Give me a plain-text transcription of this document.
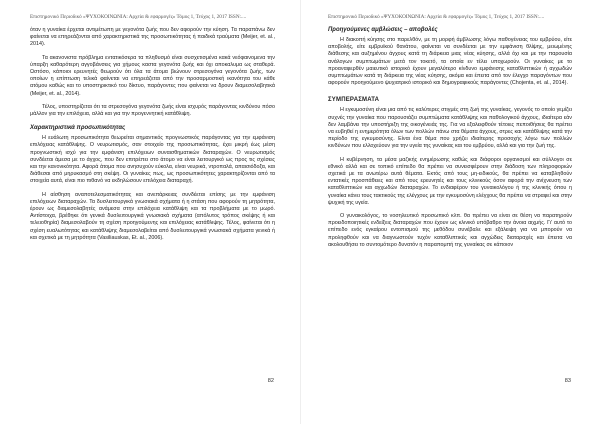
Επιστημονικό Περιοδικό «ΨΥΧΟΚΟΙΝΩΝΙΑ: Αρχεία & εφαρμογές» Τόμος 1, Τεύχος 1, 2017 ISSN:....

όταν η γυναίκα έρχεται αντιμέτωπη με γεγονότα ζωής που δεν αφορούν την κύηση. Τα παραπάνω δεν φαίνεται να επηρεάζονται από χαρακτηριστικά της προσωπικότητας ή παιδικά τραύματα (Meijer, et. al., 2014).

Τα ακανονιστα πρόβλημα εντατικόσερα τα πληθυσμό είναι συσχετισμένα κακά νεόφαινομενα την ύπαρξη καθαρότερη αγγοβάνσεις για χήμους καστα γεγονότα ζωής και όχι αποκαλυμα ως σταθερά. Ωστόσο, κάποιοι ερευνητές θεωρούν ότι όλα τα άτομα βιώνουν στρεσογόνα γεγονότα ζωής, των οποίων η επίπτωση τελικά φαίνεται να επηρεάζεται από την προσαρμοστική ικανότητα του κάθε ατόμου καθώς και το υποστηρικτικό του δίκτυο, παράγοντες που φαίνεται να δρουν διαμεσολαβητικά (Meijer, et. al., 2014).

Τέλος, υποστηρίζεται ότι τα στρεσογόνα γεγονότα ζωής είναι ισχυρός παράγοντας κινδύνου πόσο μάλλον για την επιλόχεια, αλλά και για την προγεννητική κατάθλιψη.

Χαρακτηριστικά προσωπικότητας

Η ευάλωτη προσωπικότητα θεωρείται σημαντικός προγνωστικός παράγοντας για την εμφάνιση επιλόχειας κατάθλιψης. Ο νευρωτισμός, σαν στοιχείο της προσωπικότητας, έχει μικρή έως μέση προγνωστική ισχύ για την εμφάνιση επιλόχειων συναισθηματικών διαταραχών. Ο νευρωτισμός συνδέεται άμεσα με το άγχος, που δεν επιτρέπει στο άτομο να είναι λειτουργικό ως προς τις σχέσεις και την κανονικότητα. Αφορά άτομα που ανησυχούν εύκολα, είναι νευρικά, ντροπαλά, απαισιόδοξα, και διάθεσαι από μηρυκασμό στη σκέψη. Οι γυναίκες πως, ως προσωπικότητες χαρακτηρίζονται από τα στοιχεία αυτά, είναι πιο πιθανό να εκδηλώσουν επιλόχεια διαταραχή.

Η αίσθηση αναποτελεσματικότητας και ανεπάρκειας συνδέεται επίσης με την εμφάνιση επιλόχειων διαταραχών. Τα δυσλειτουργικά γνωσιακά σχήματα ή η στάση που αφορούν τη μητρότητα, έρουν ως διαμεσολαβητές ανάμεσα στην επιλόχεια κατάθλιψη και τα προβλήματα με το μωρό. Αντίστοιχα, βρέθηκε ότι γενικά δυσλειτουργικά γνωσιακά σχήματα (απόλυτος τρόπος σκέψης ή και τελειοθηρία) διαμεσολαβούν τη σχέση προηγούμενης και επιλόχειας κατάθλιψης. Τέλος, φαίνεται ότι η σχέση ευαλωτότητας και κατάθλιψης διαμεσολαβείται από δυσλειτουργικά γνωσιακά σχήματα γενικά ή και σχετικά με τη μητρότητα (Vasiliauskas, Et. al., 2006).

82
Επιστημονικό Περιοδικό «ΨΥΧΟΚΟΙΝΩΝΙΑ: Αρχεία & εφαρμογές» Τόμος 1, Τεύχος 1, 2017 ISSN:....
Προηγούμενες αμβλώσεις – αποβολές

Η διακοπή κύησης στο παρελθόν, με τη μορφή άμβλωσης λόγω παθογένειας του εμβρύου, είτε αποβολής, είτε εμβρυϊκού θανάτου, φαίνεται να συνδέεται με την εμφάνιση θλίψης, μειωμένης διάθεσης και αυξημένου άγχους κατά τη διάρκεια μιας νέας κύησης, αλλά όχι και με την παρουσία ανάλογων συμπτωμάτων μετά τον τοκετό, τα οποία εν τέλει υποχωρούν. Οι γυναίκες με το προαναφερθέν μαιευτικό ιστορικό έχουν μεγαλύτερο κίνδυνο εμφάνισης καταθλιπτικών ή αγχωδών συμπτωμάτων κατά τη διάρκεια της νέας κύησης, ακόμα και έπειτα από τον έλεγχο παραγόντων που αφορούν προηγούμενο ψυχιατρικό ιστορικό και δημογραφικούς παράγοντες (Chojenta, et. al., 2014).

ΣΥΜΠΕΡΑΣΜΑΤΑ

Η εγκυμοσύνη είναι μια από τις καλύτερες στιγμές στη ζωή της γυναίκας, γεγονός το οποίο γεμίζει συχνές την γυναίκα που παρουσιάζει συμπτώματα κατάθλιψης και παθολογικού άγχους, ιδιαίτερα εάν δεν λαμβάνει την υποστήριξη της οικογένειάς της. Για να εξαλειφθούν τέτοιες πεποιθήσεις θα πρέπει να ευβηθεί η ενημερότητα όλων των πολλών πάνω στα θέματα άγχους, στρες και κατάθλιψης κατά την περίοδο της εγκυμοσύνης. Είναι ένα θέμα που χρήζει ιδιαίτερης προσοχής λόγω των πολλών κινδύνων που ελλοχεύουν για την υγεία της γυναίκας και του εμβρύου, αλλά και για την ζωή της.

Η κυβέρνηση, τα μέσα μαζικής ενημέρωσης καθώς και διάφοροι οργανισμοί και σύλλογοι σε εθνικό αλλά και σε τοπικό επίπεδο θα πρέπει να συνεισφέρουν στην διάδοση των πληροφοριών σχετικά με τα ανωτέρω αυτά θέματα. Εκτός από τους μη-ειδικούς, θα πρέπει να καταβληθούν εντατικές προσπάθειες και από τους ερευνητές και τους κλινικούς όσον αφορά την ανίχνευση των καταθλιπτικών και αγχωδών διαταραχών. Το ενδιαφέρον του γυναικολόγου ή της κλινικής όπου η γυναίκα κάνει τους τακτικούς της ελέγχους με την εγκυμοσύνη ελέγχους θα πρέπει να στραφεί και στην ψυχική της υγεία.

Ο γυναικολόγος, το νοσηλευτικό προσωπικό κλπ. θα πρέπει να είναι σε θέση να παρατηρούν προειδοποιητικές ενδείξεις διαταραχών που έχουν ως κλινικό υπόβαθρο την άνοια αιχμής. Γι' αυτό το επίπεδο ενός εγκαίρου εντοπισμού της μεθόδου συνέβαλε και εξάλειψη για να μπορούν να προληφθούν και να διαγνωστούν τυχόν καταθλιπτικές και αγχώδεις διαταραχές και έπειτα να ακολουθήσει το συντομότερο δυνατόν η παραπομπή της γυναίκας σε κάποιον

83
